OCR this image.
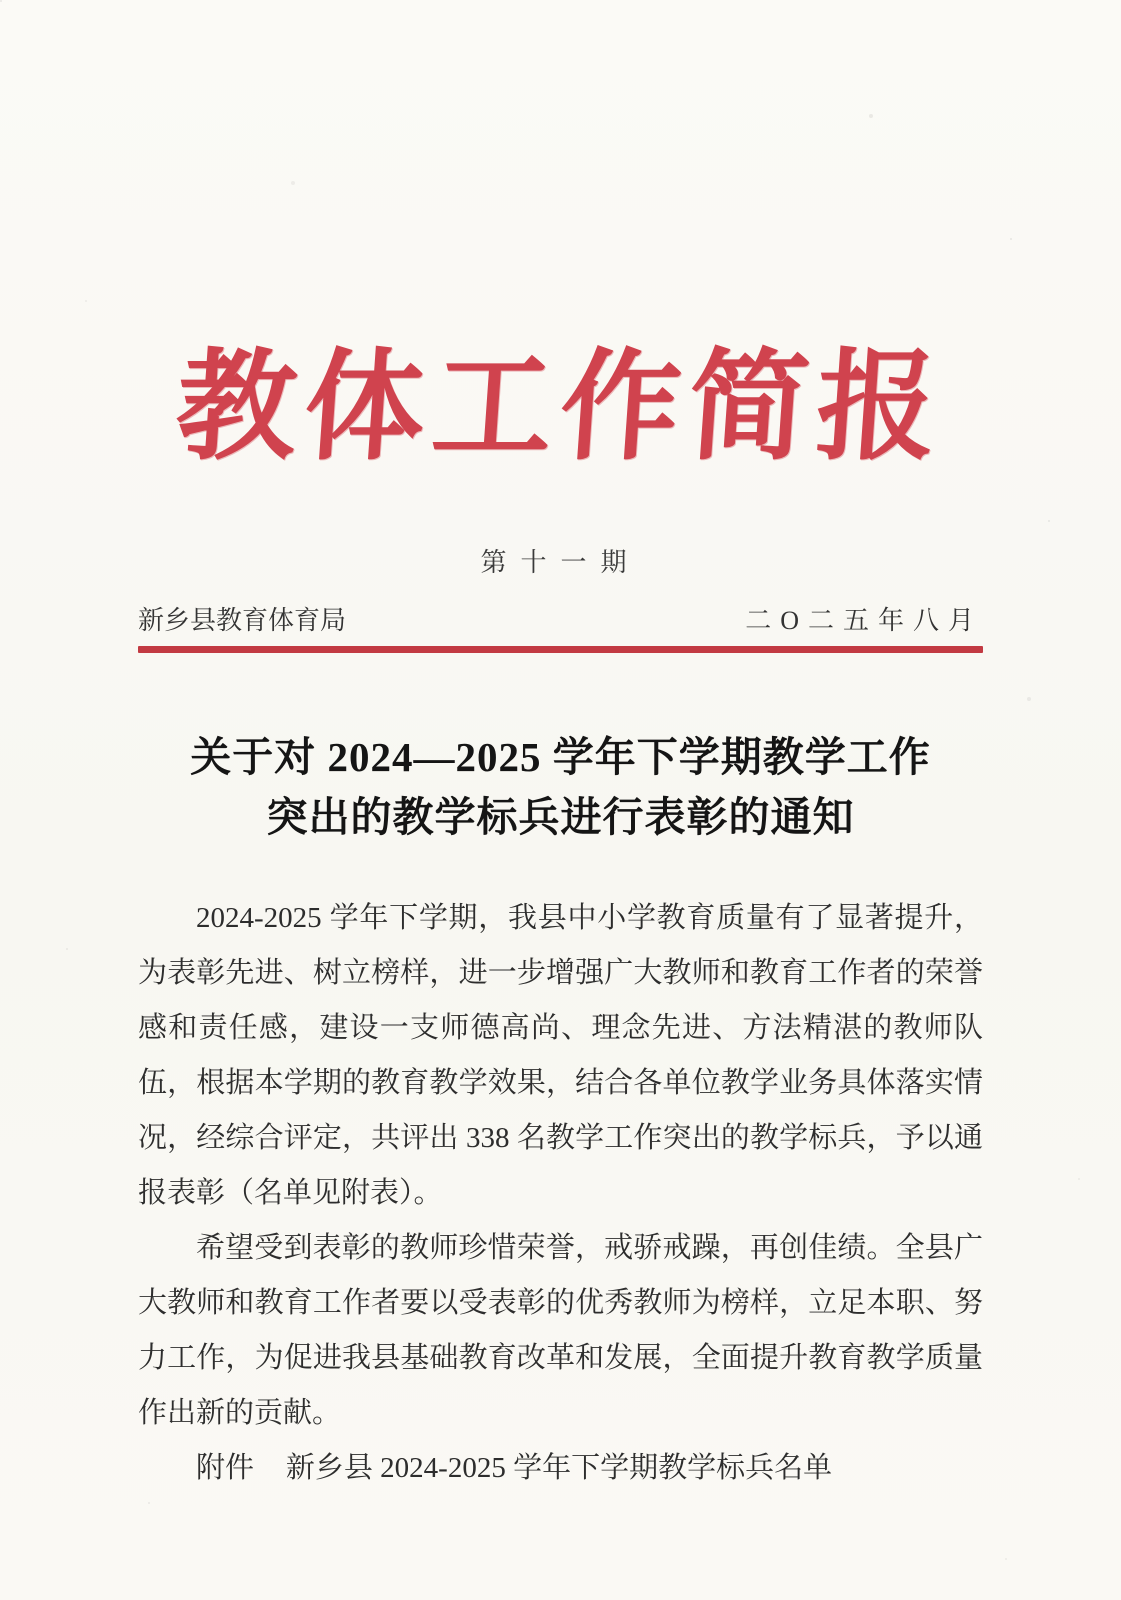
教体工作简报
第十一期
新乡县教育体育局	二O二五年八月
关于对 2024—2025 学年下学期教学工作
突出的教学标兵进行表彰的通知

2024-2025 学年下学期，我县中小学教育质量有了显著提升，为表彰先进、树立榜样，进一步增强广大教师和教育工作者的荣誉感和责任感，建设一支师德高尚、理念先进、方法精湛的教师队伍，根据本学期的教育教学效果，结合各单位教学业务具体落实情况，经综合评定，共评出 338 名教学工作突出的教学标兵，予以通报表彰（名单见附表）。

希望受到表彰的教师珍惜荣誉，戒骄戒躁，再创佳绩。全县广大教师和教育工作者要以受表彰的优秀教师为榜样，立足本职、努力工作，为促进我县基础教育改革和发展，全面提升教育教学质量作出新的贡献。

附件 新乡县 2024-2025 学年下学期教学标兵名单
